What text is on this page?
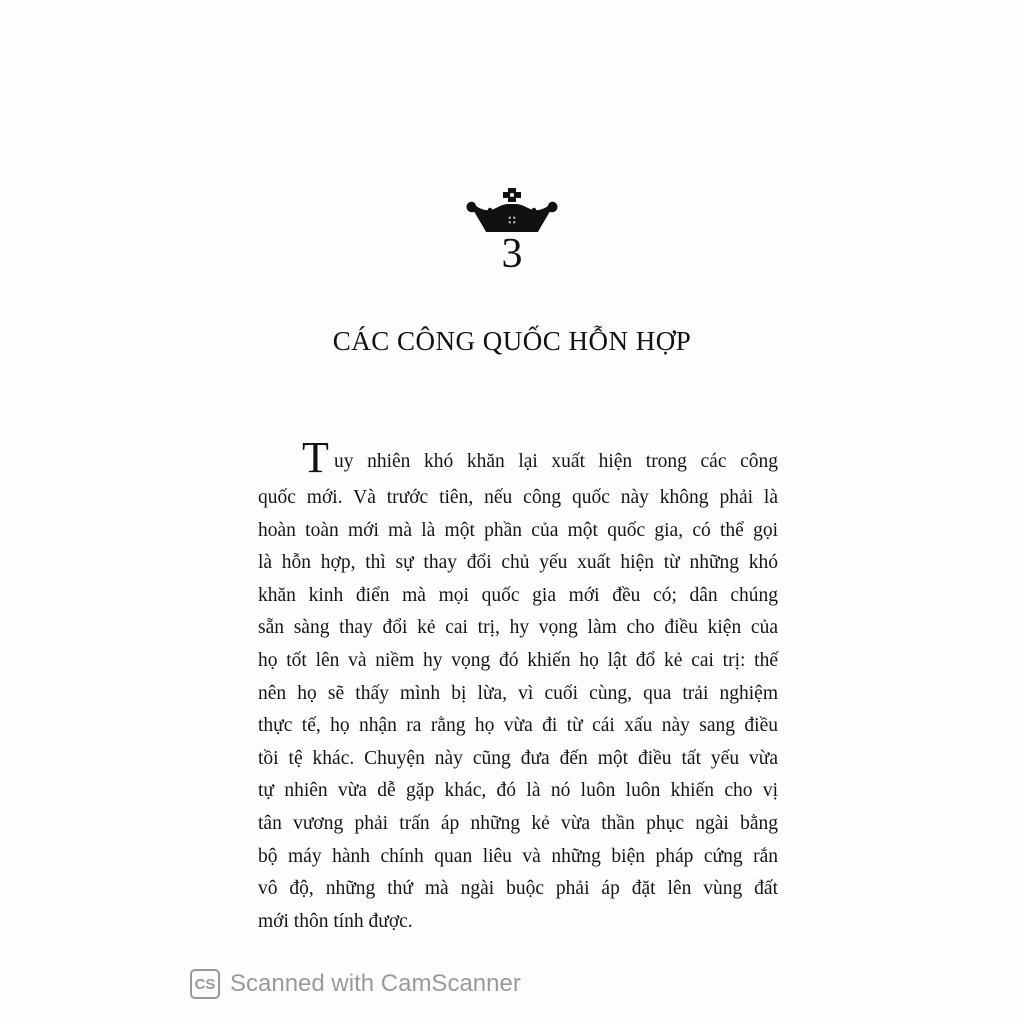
3
CÁC CÔNG QUỐC HỖN HỢP
T uy nhiên khó khăn lại xuất hiện trong các công
quốc mới. Và trước tiên, nếu công quốc này không phải là
hoàn toàn mới mà là một phần của một quốc gia, có thể gọi
là hỗn hợp, thì sự thay đổi chủ yếu xuất hiện từ những khó
khăn kinh điển mà mọi quốc gia mới đều có; dân chúng
sẵn sàng thay đổi kẻ cai trị, hy vọng làm cho điều kiện của
họ tốt lên và niềm hy vọng đó khiến họ lật đổ kẻ cai trị: thế
nên họ sẽ thấy mình bị lừa, vì cuối cùng, qua trải nghiệm
thực tế, họ nhận ra rằng họ vừa đi từ cái xấu này sang điều
tồi tệ khác. Chuyện này cũng đưa đến một điều tất yếu vừa
tự nhiên vừa dễ gặp khác, đó là nó luôn luôn khiến cho vị
tân vương phải trấn áp những kẻ vừa thần phục ngài bằng
bộ máy hành chính quan liêu và những biện pháp cứng rắn
vô độ, những thứ mà ngài buộc phải áp đặt lên vùng đất
mới thôn tính được.
CS Scanned with CamScanner
